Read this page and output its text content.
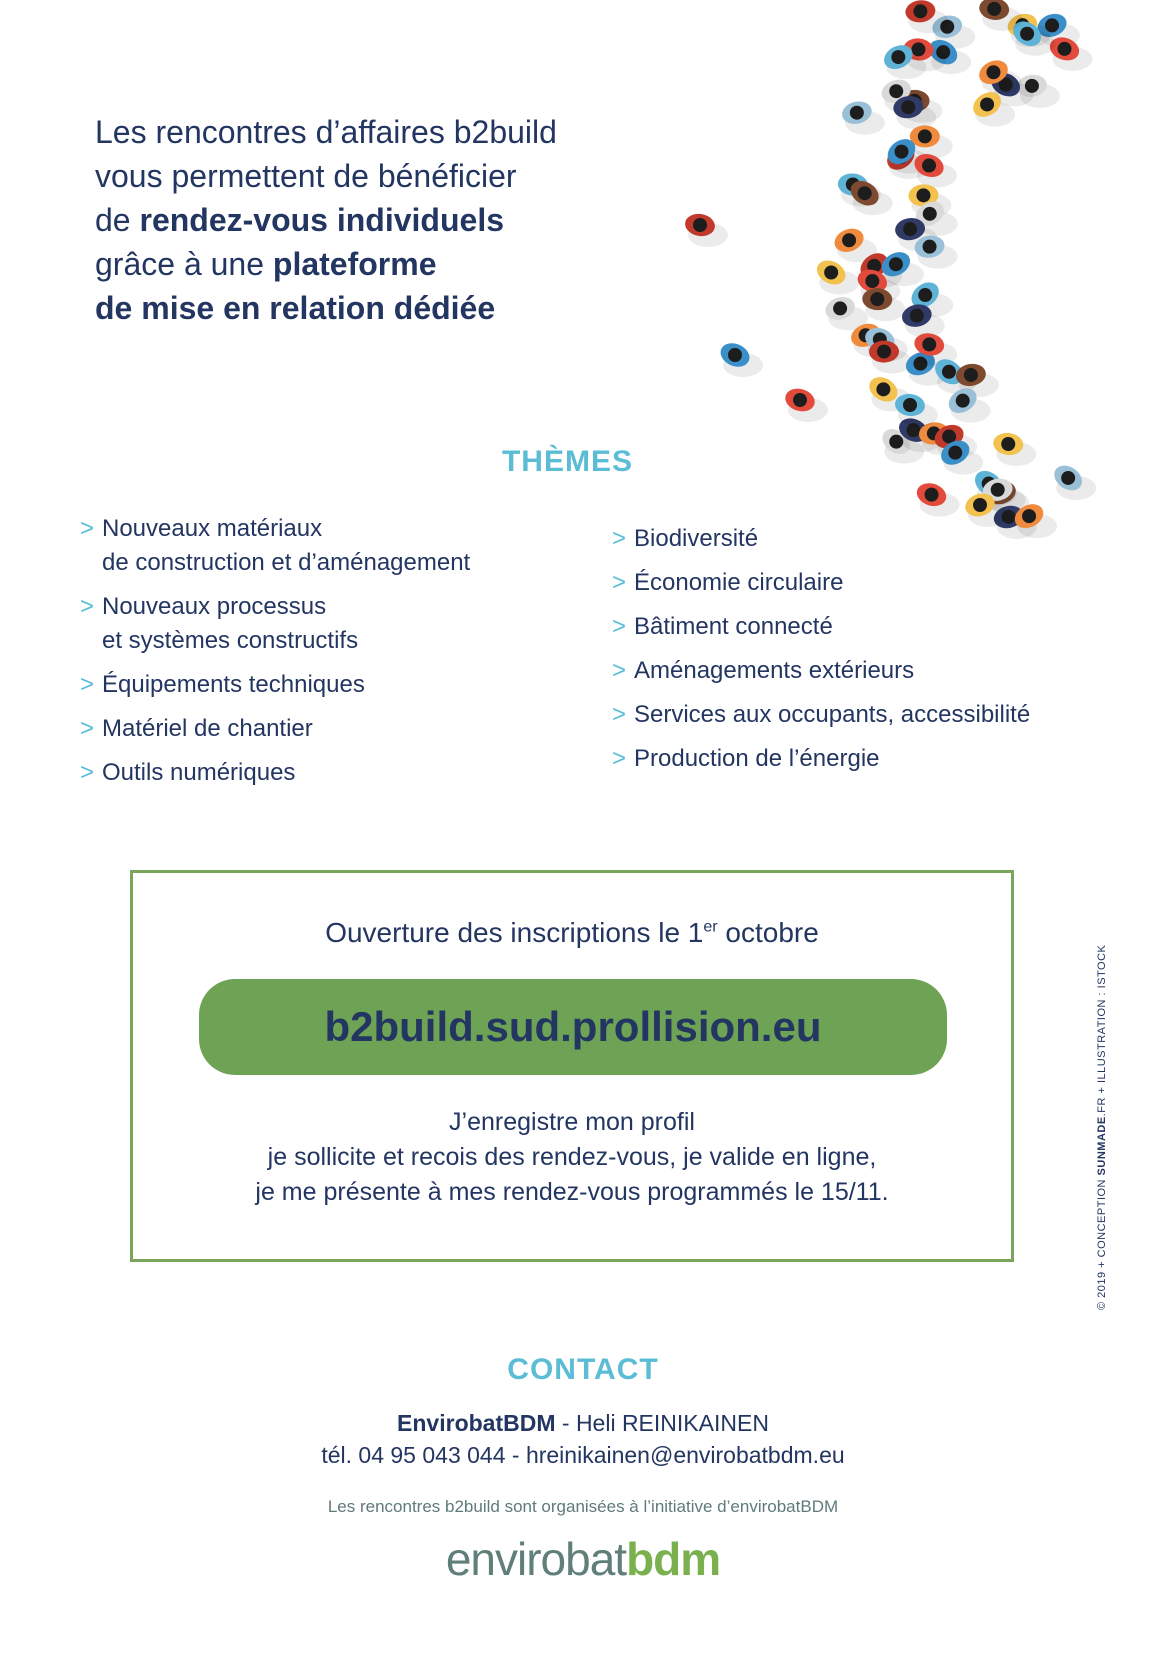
Les rencontres d’affaires b2build
vous permettent de bénéficier
de rendez-vous individuels
grâce à une plateforme
de mise en relation dédiée
THÈMES
> Nouveaux matériaux
de construction et d’aménagement
> Nouveaux processus
et systèmes constructifs
> Équipements techniques
> Matériel de chantier
> Outils numériques
> Biodiversité
> Économie circulaire
> Bâtiment connecté
> Aménagements extérieurs
> Services aux occupants, accessibilité
> Production de l’énergie
Ouverture des inscriptions le 1er octobre
b2build.sud.prollision.eu
J’enregistre mon profil
je sollicite et recois des rendez-vous, je valide en ligne,
je me présente à mes rendez-vous programmés le 15/11.	© 2019 + CONCEPTION SUNMADE.FR + ILLUSTRATION : ISTOCK
CONTACT
EnvirobatBDM - Heli REINIKAINEN
tél. 04 95 043 044 - hreinikainen@envirobatbdm.eu
Les rencontres b2build sont organisées à l’initiative d’envirobatBDM
envirobatbdm
